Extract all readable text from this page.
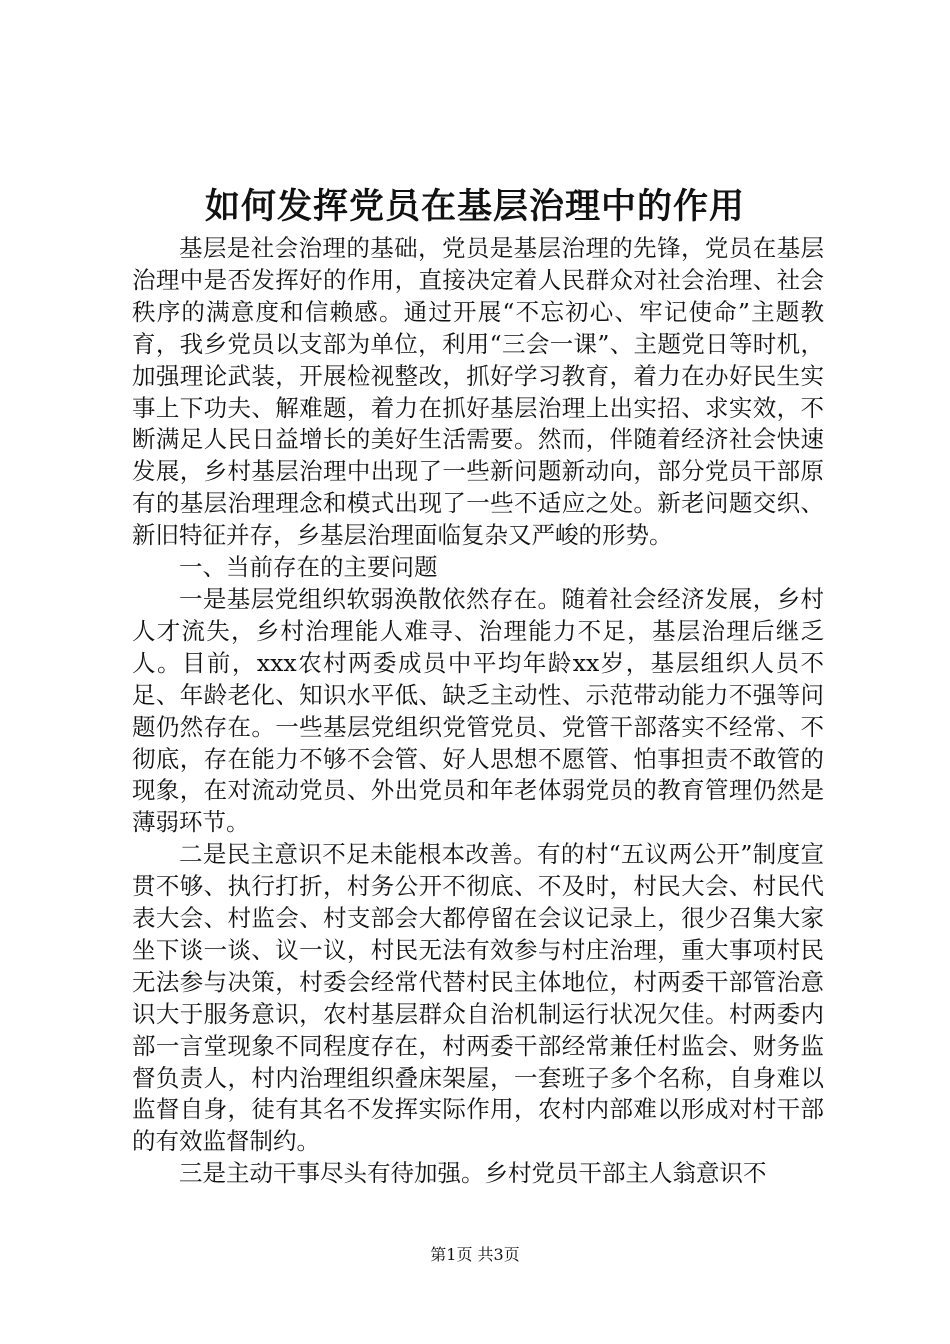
如何发挥党员在基层治理中的作用

基层是社会治理的基础，党员是基层治理的先锋，党员在基层治理中是否发挥好的作用，直接决定着人民群众对社会治理、社会秩序的满意度和信赖感。通过开展“不忘初心、牢记使命”主题教育，我乡党员以支部为单位，利用“三会一课”、主题党日等时机，加强理论武装，开展检视整改，抓好学习教育，着力在办好民生实事上下功夫、解难题，着力在抓好基层治理上出实招、求实效，不断满足人民日益增长的美好生活需要。然而，伴随着经济社会快速发展，乡村基层治理中出现了一些新问题新动向，部分党员干部原有的基层治理理念和模式出现了一些不适应之处。新老问题交织、新旧特征并存，乡基层治理面临复杂又严峻的形势。

一、当前存在的主要问题

一是基层党组织软弱涣散依然存在。随着社会经济发展，乡村人才流失，乡村治理能人难寻、治理能力不足，基层治理后继乏人。目前，xxx农村两委成员中平均年龄xx岁，基层组织人员不足、年龄老化、知识水平低、缺乏主动性、示范带动能力不强等问题仍然存在。一些基层党组织党管党员、党管干部落实不经常、不彻底，存在能力不够不会管、好人思想不愿管、怕事担责不敢管的现象，在对流动党员、外出党员和年老体弱党员的教育管理仍然是薄弱环节。

二是民主意识不足未能根本改善。有的村“五议两公开”制度宣贯不够、执行打折，村务公开不彻底、不及时，村民大会、村民代表大会、村监会、村支部会大都停留在会议记录上，很少召集大家坐下谈一谈、议一议，村民无法有效参与村庄治理，重大事项村民无法参与决策，村委会经常代替村民主体地位，村两委干部管治意识大于服务意识，农村基层群众自治机制运行状况欠佳。村两委内部一言堂现象不同程度存在，村两委干部经常兼任村监会、财务监督负责人，村内治理组织叠床架屋，一套班子多个名称，自身难以监督自身，徒有其名不发挥实际作用，农村内部难以形成对村干部的有效监督制约。

三是主动干事尽头有待加强。乡村党员干部主人翁意识不

第1页 共3页
